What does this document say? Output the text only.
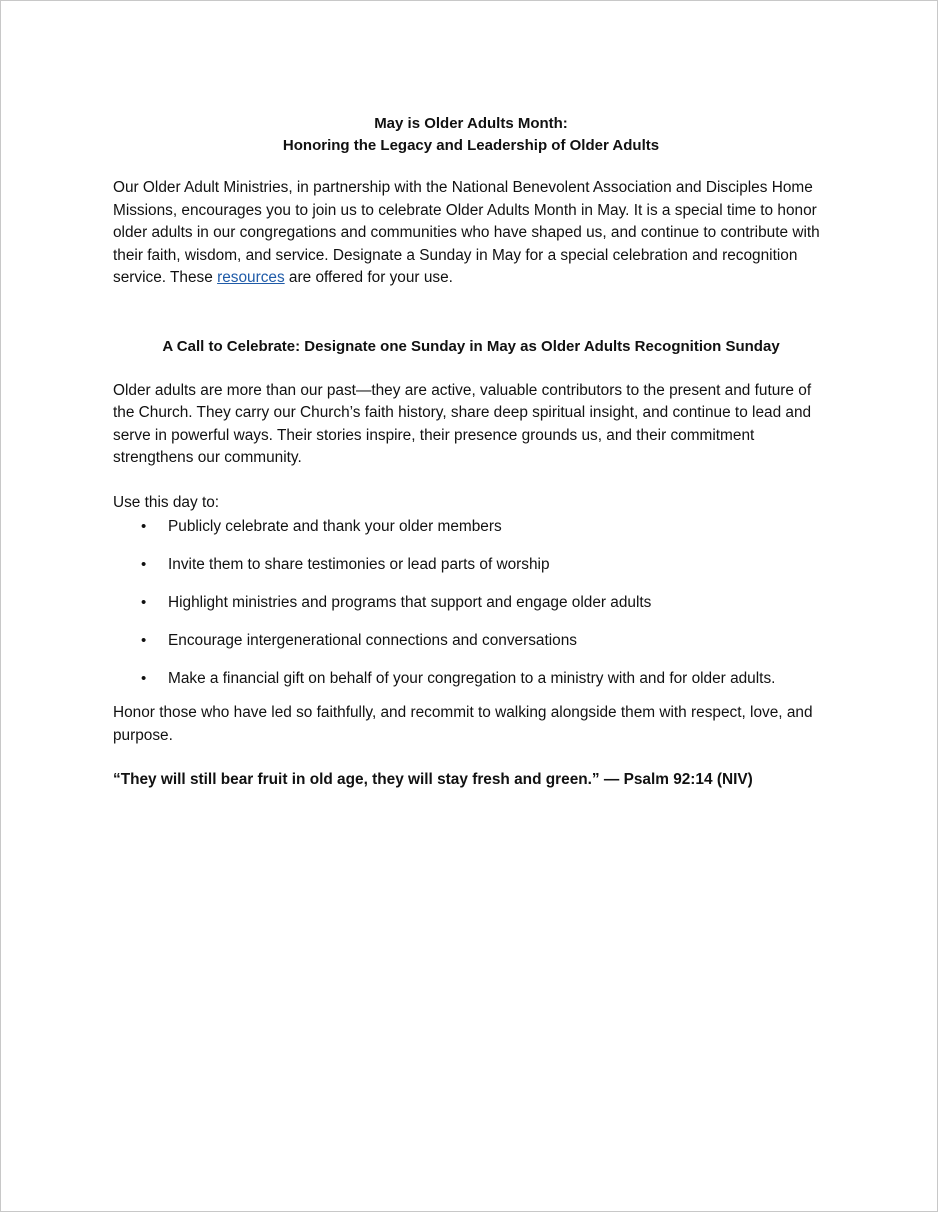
May is Older Adults Month:
Honoring the Legacy and Leadership of Older Adults

Our Older Adult Ministries, in partnership with the National Benevolent Association and Disciples Home Missions, encourages you to join us to celebrate Older Adults Month in May. It is a special time to honor older adults in our congregations and communities who have shaped us, and continue to contribute with their faith, wisdom, and service. Designate a Sunday in May for a special celebration and recognition service. These resources are offered for your use.

A Call to Celebrate: Designate one Sunday in May as Older Adults Recognition Sunday

Older adults are more than our past—they are active, valuable contributors to the present and future of the Church. They carry our Church’s faith history, share deep spiritual insight, and continue to lead and serve in powerful ways. Their stories inspire, their presence grounds us, and their commitment strengthens our community.

Use this day to:

• Publicly celebrate and thank your older members
• Invite them to share testimonies or lead parts of worship
• Highlight ministries and programs that support and engage older adults
• Encourage intergenerational connections and conversations
• Make a financial gift on behalf of your congregation to a ministry with and for older adults.

Honor those who have led so faithfully, and recommit to walking alongside them with respect, love, and purpose.

“They will still bear fruit in old age, they will stay fresh and green.” — Psalm 92:14 (NIV)
